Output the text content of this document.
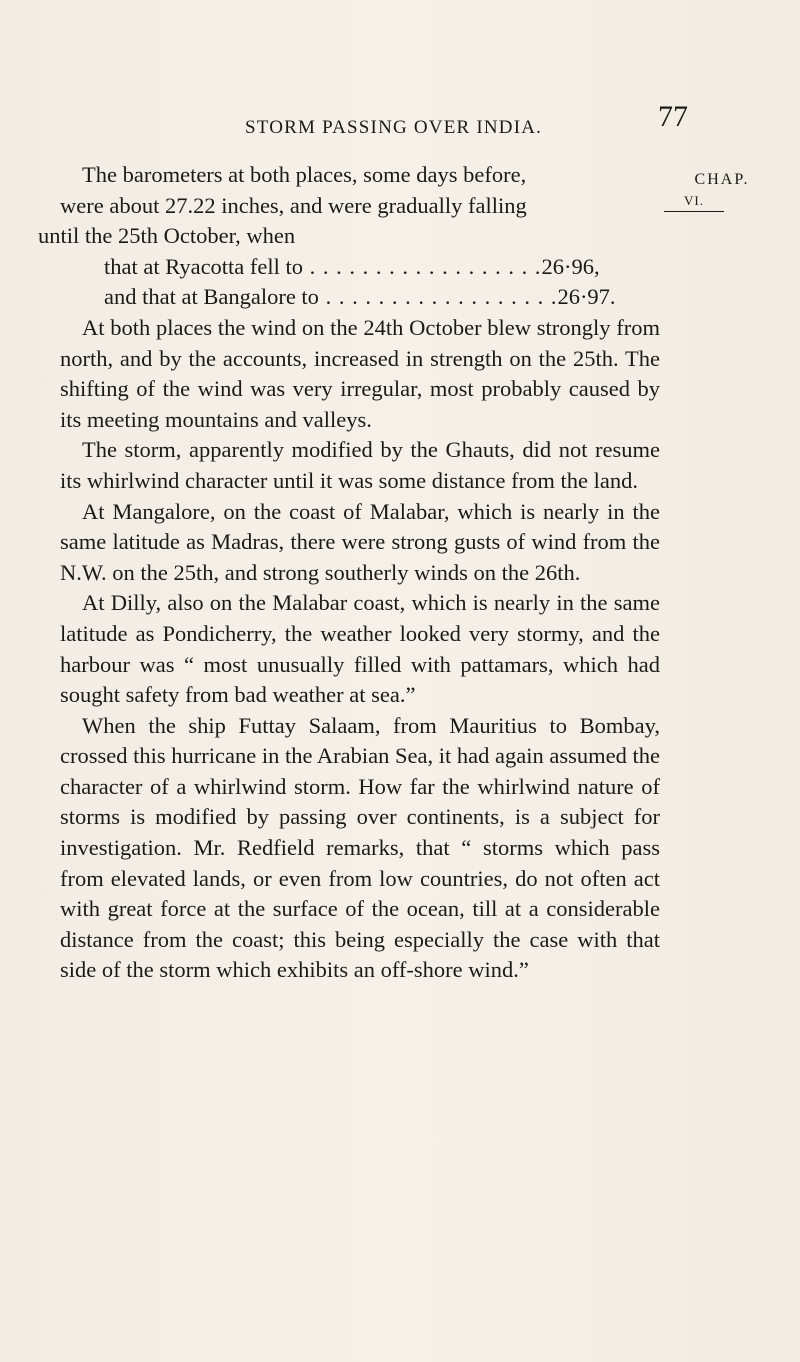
STORM PASSING OVER INDIA.	77
CHAP.
VI.

The barometers at both places, some days before,
were about 27.22 inches, and were gradually falling
until the 25th October, when

that at Ryacotta fell to . . . . . . . . . . . . . . . . . . 26·96,
and that at Bangalore to . . . . . . . . . . . . . . . . . . 26·97.

At both places the wind on the 24th October blew strongly from north, and by the accounts, increased in strength on the 25th. The shifting of the wind was very irregular, most probably caused by its meeting mountains and valleys.

The storm, apparently modified by the Ghauts, did not resume its whirlwind character until it was some distance from the land.

At Mangalore, on the coast of Malabar, which is nearly in the same latitude as Madras, there were strong gusts of wind from the N.W. on the 25th, and strong southerly winds on the 26th.

At Dilly, also on the Malabar coast, which is nearly in the same latitude as Pondicherry, the weather looked very stormy, and the harbour was “ most unusually filled with pattamars, which had sought safety from bad weather at sea.”

When the ship Futtay Salaam, from Mauritius to Bombay, crossed this hurricane in the Arabian Sea, it had again assumed the character of a whirlwind storm. How far the whirlwind nature of storms is modified by passing over continents, is a subject for investigation. Mr. Redfield remarks, that “ storms which pass from elevated lands, or even from low countries, do not often act with great force at the surface of the ocean, till at a considerable distance from the coast; this being especially the case with that side of the storm which exhibits an off-shore wind.”
